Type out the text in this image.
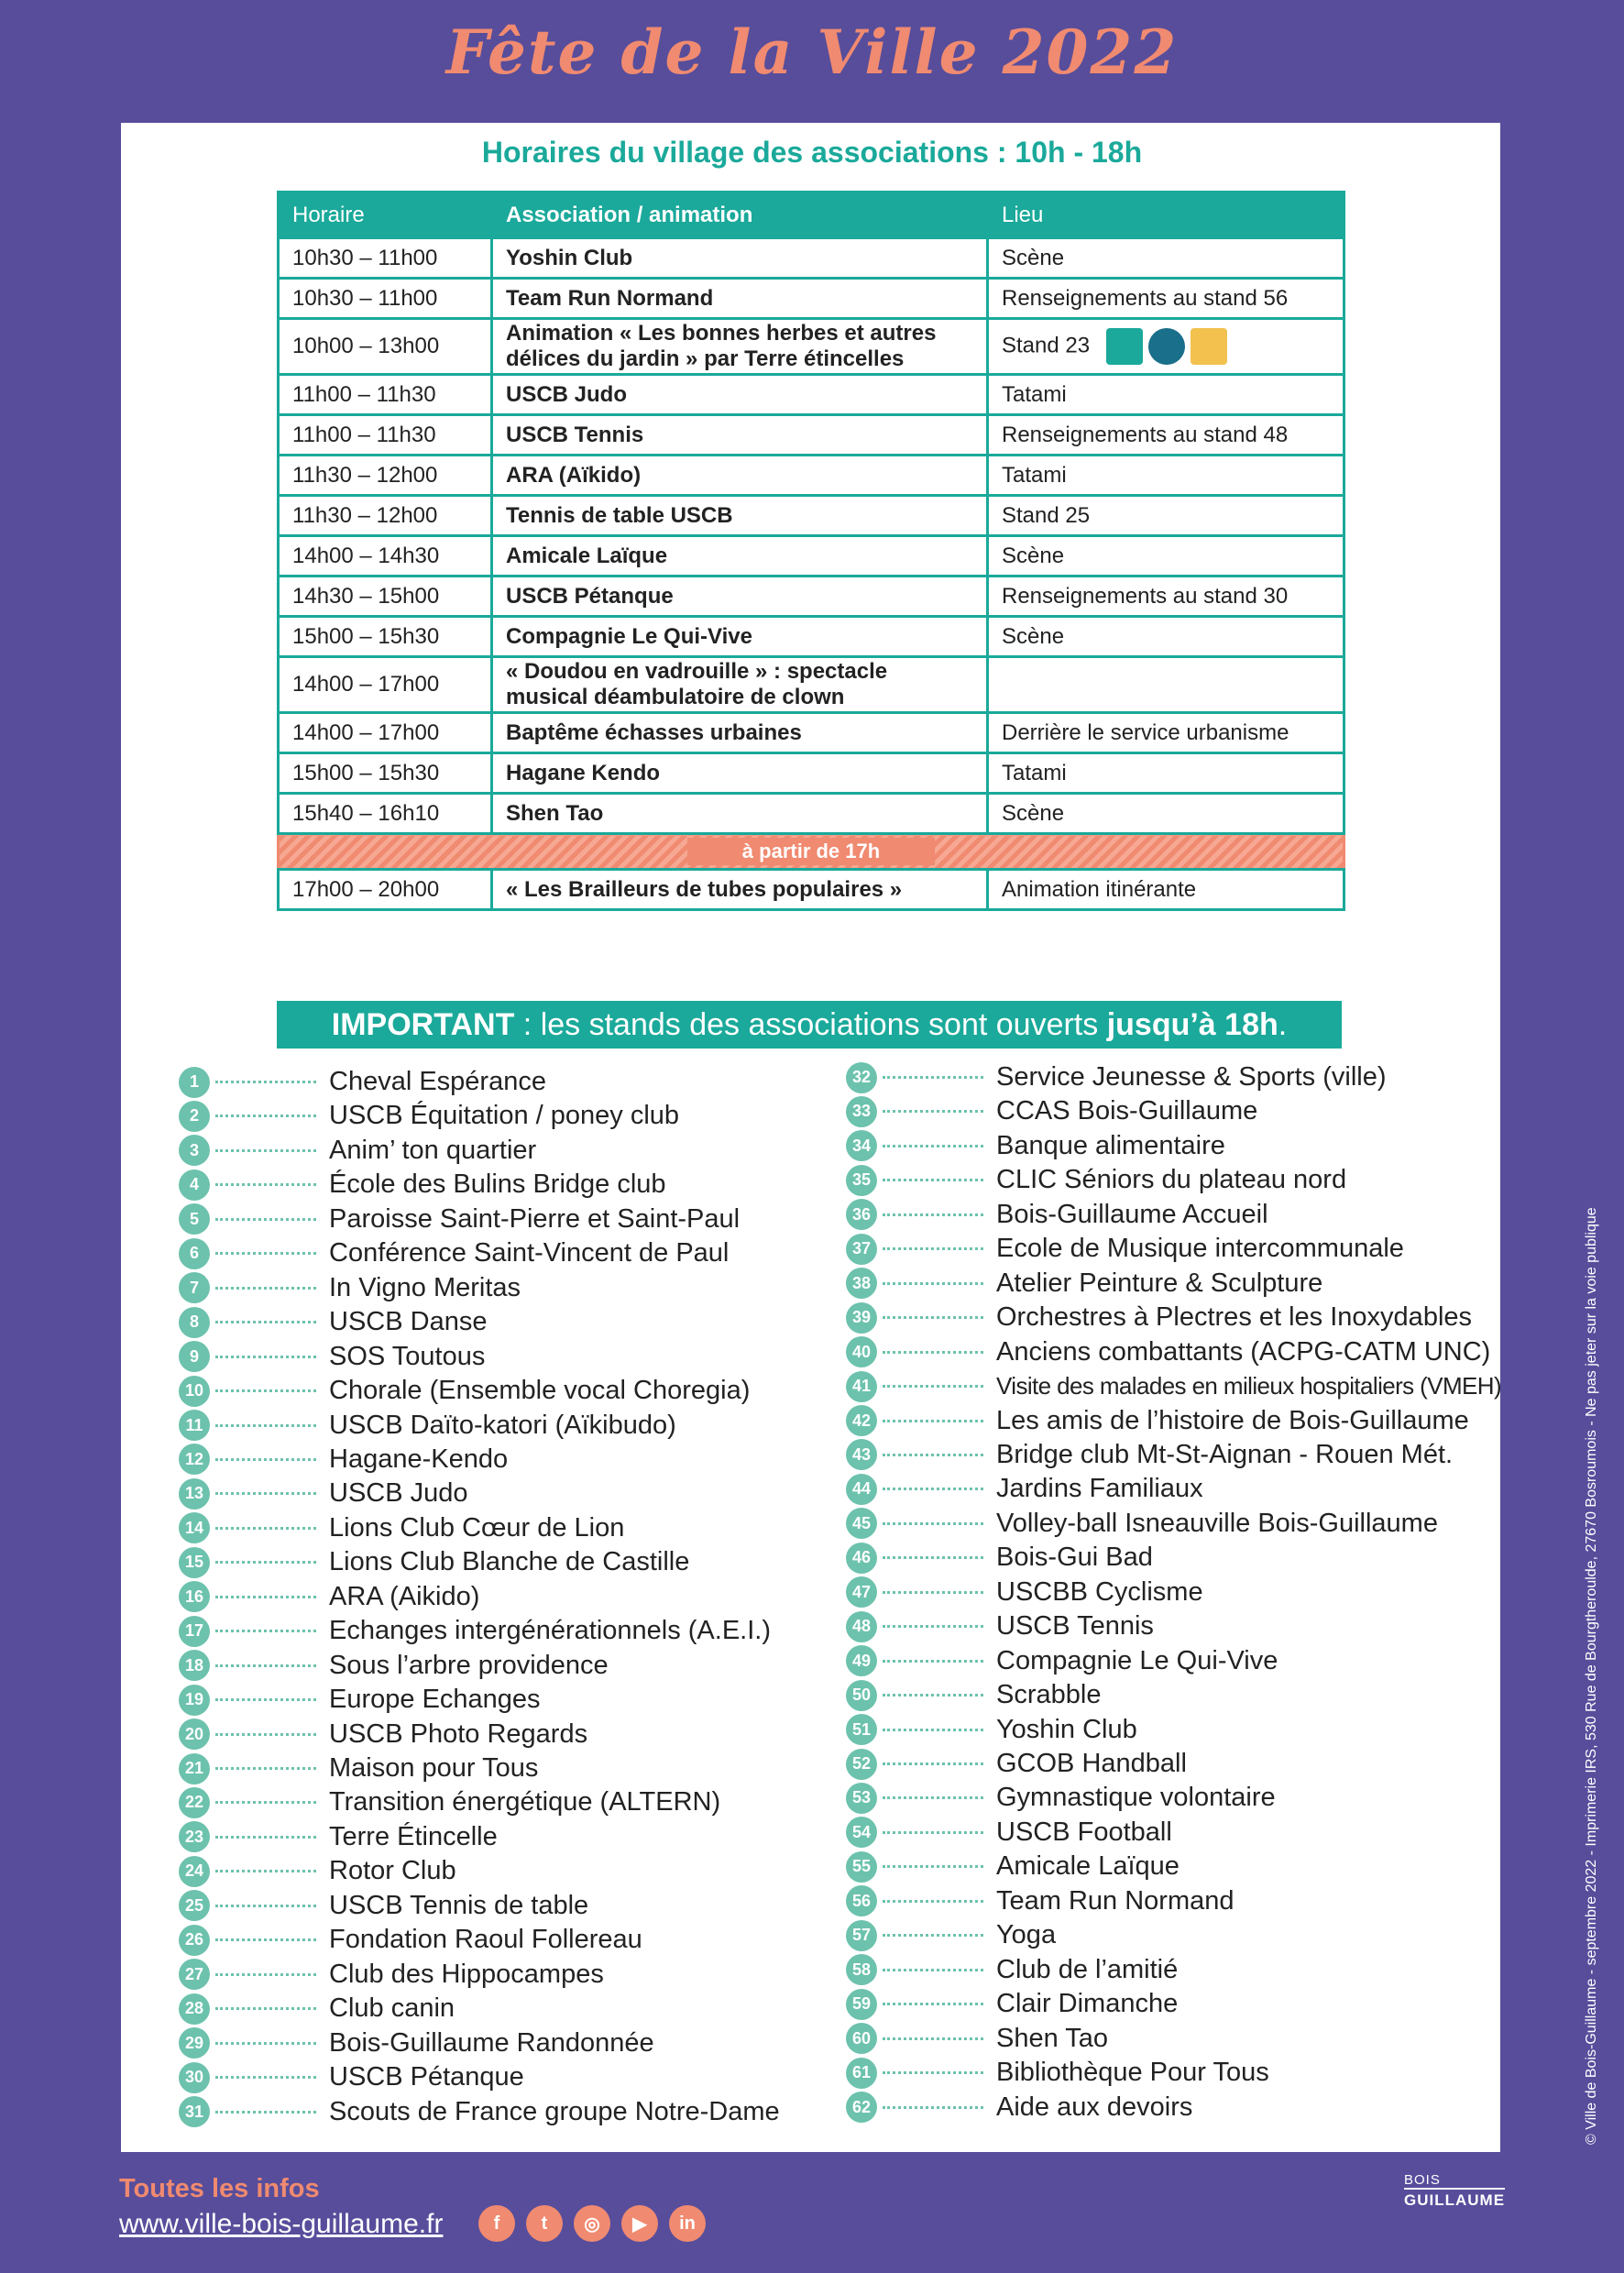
Fête de la Ville 2022
Horaires du village des associations : 10h - 18h
Horaire	Association / animation	Lieu
10h30 – 11h00	Yoshin Club	Scène
10h30 – 11h00	Team Run Normand	Renseignements au stand 56
10h00 – 13h00	Animation « Les bonnes herbes et autres délices du jardin » par Terre étincelles	Stand 23

11h00 – 11h30	USCB Judo	Tatami
11h00 – 11h30	USCB Tennis	Renseignements au stand 48
11h30 – 12h00	ARA (Aïkido)	Tatami
11h30 – 12h00	Tennis de table USCB	Stand 25
14h00 – 14h30	Amicale Laïque	Scène
14h30 – 15h00	USCB Pétanque	Renseignements au stand 30
15h00 – 15h30	Compagnie Le Qui-Vive	Scène
14h00 – 17h00	« Doudou en vadrouille » : spectacle musical déambulatoire de clown	
14h00 – 17h00	Baptême échasses urbaines	Derrière le service urbanisme
15h00 – 15h30	Hagane Kendo	Tatami
15h40 – 16h10	Shen Tao	Scène
à partir de 17h		
17h00 – 20h00	« Les Brailleurs de tubes populaires »	Animation itinérante
IMPORTANT : les stands des associations sont ouverts jusqu’à 18h.
1	Cheval Espérance
2	USCB Équitation / poney club
3	Anim’ ton quartier
4	École des Bulins Bridge club
5	Paroisse Saint-Pierre et Saint-Paul
6	Conférence Saint-Vincent de Paul
7	In Vigno Meritas
8	USCB Danse
9	SOS Toutous
10	Chorale (Ensemble vocal Choregia)
11	USCB Daïto-katori (Aïkibudo)
12	Hagane-Kendo
13	USCB Judo
14	Lions Club Cœur de Lion
15	Lions Club Blanche de Castille
16	ARA (Aikido)
17	Echanges intergénérationnels (A.E.I.)
18	Sous l’arbre providence
19	Europe Echanges
20	USCB Photo Regards
21	Maison pour Tous
22	Transition énergétique (ALTERN)
23	Terre Étincelle
24	Rotor Club
25	USCB Tennis de table
26	Fondation Raoul Follereau
27	Club des Hippocampes
28	Club canin
29	Bois-Guillaume Randonnée
30	USCB Pétanque
31	Scouts de France groupe Notre-Dame
32	Service Jeunesse & Sports (ville)
33	CCAS Bois-Guillaume
34	Banque alimentaire
35	CLIC Séniors du plateau nord
36	Bois-Guillaume Accueil
37	Ecole de Musique intercommunale
38	Atelier Peinture & Sculpture
39	Orchestres à Plectres et les Inoxydables
40	Anciens combattants (ACPG-CATM UNC)
41	Visite des malades en milieux hospitaliers (VMEH)
42	Les amis de l’histoire de Bois-Guillaume
43	Bridge club Mt-St-Aignan - Rouen Mét.
44	Jardins Familiaux
45	Volley-ball Isneauville Bois-Guillaume
46	Bois-Gui Bad
47	USCBB Cyclisme
48	USCB Tennis
49	Compagnie Le Qui-Vive
50	Scrabble
51	Yoshin Club
52	GCOB Handball
53	Gymnastique volontaire
54	USCB Football
55	Amicale Laïque
56	Team Run Normand
57	Yoga
58	Club de l’amitié
59	Clair Dimanche
60	Shen Tao
61	Bibliothèque Pour Tous
62	Aide aux devoirs
Toutes les infos
www.ville-bois-guillaume.fr	f	t	◎	▶	in
© Ville de Bois-Guillaume - septembre 2022 - Imprimerie IRS, 530 Rue de Bourgtheroulde, 27670 Bosroumois - Ne pas jeter sur la voie publique
BOIS
GUILLAUME
